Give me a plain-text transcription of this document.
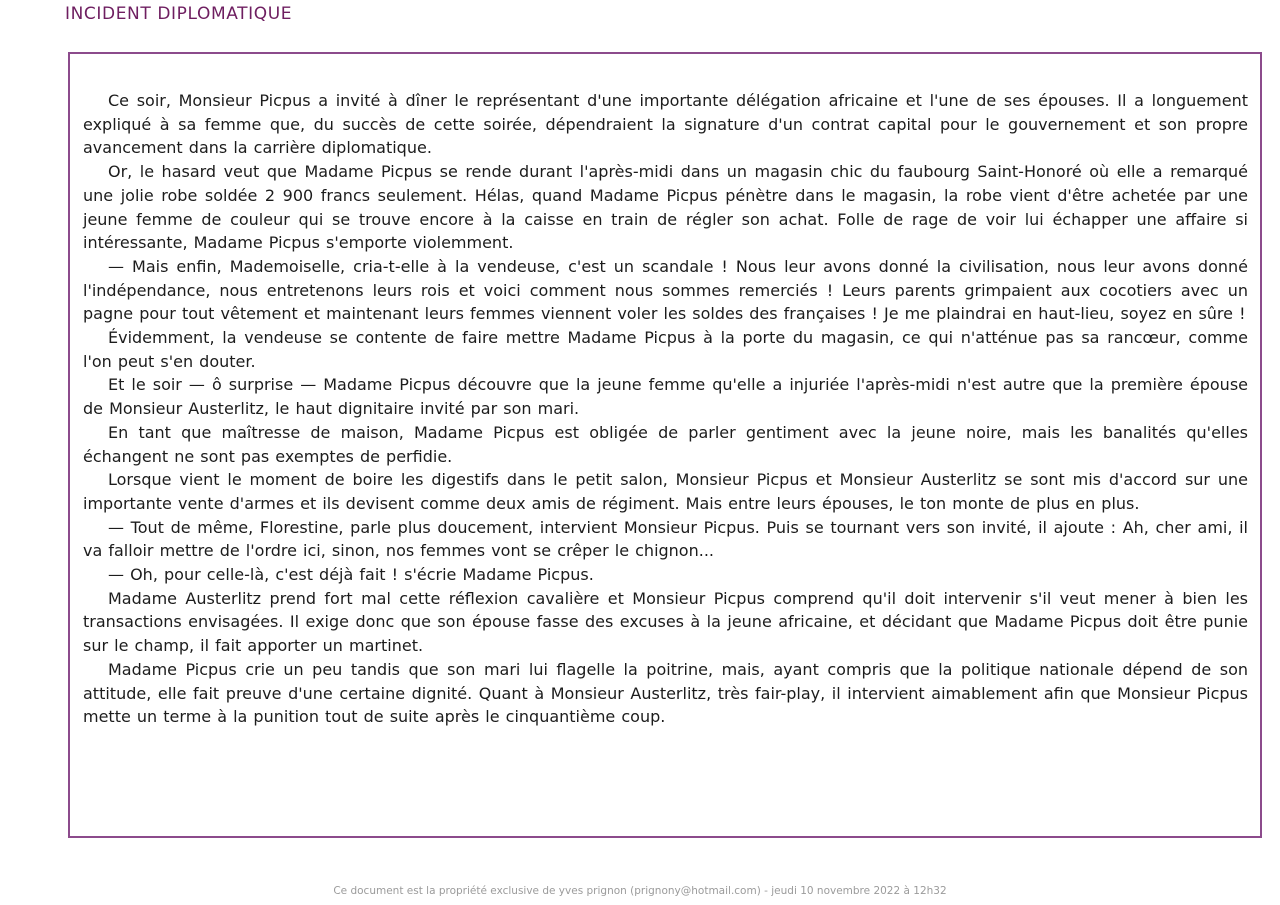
INCIDENT DIPLOMATIQUE

Ce soir, Monsieur Picpus a invité à dîner le représentant d'une importante délégation africaine et l'une de ses épouses. Il a longuement expliqué à sa femme que, du succès de cette soirée, dépendraient la signature d'un contrat capital pour le gouvernement et son propre avancement dans la carrière diplomatique.

Or, le hasard veut que Madame Picpus se rende durant l'après-midi dans un magasin chic du faubourg Saint-Honoré où elle a remarqué une jolie robe soldée 2 900 francs seulement. Hélas, quand Madame Picpus pénètre dans le magasin, la robe vient d'être achetée par une jeune femme de couleur qui se trouve encore à la caisse en train de régler son achat. Folle de rage de voir lui échapper une affaire si intéressante, Madame Picpus s'emporte violemment.

— Mais enfin, Mademoiselle, cria-t-elle à la vendeuse, c'est un scandale ! Nous leur avons donné la civilisation, nous leur avons donné l'indépendance, nous entretenons leurs rois et voici comment nous sommes remerciés ! Leurs parents grimpaient aux cocotiers avec un pagne pour tout vêtement et maintenant leurs femmes viennent voler les soldes des françaises ! Je me plaindrai en haut-lieu, soyez en sûre !

Évidemment, la vendeuse se contente de faire mettre Madame Picpus à la porte du magasin, ce qui n'atténue pas sa rancœur, comme l'on peut s'en douter.

Et le soir — ô surprise — Madame Picpus découvre que la jeune femme qu'elle a injuriée l'après-midi n'est autre que la première épouse de Monsieur Austerlitz, le haut dignitaire invité par son mari.

En tant que maîtresse de maison, Madame Picpus est obligée de parler gentiment avec la jeune noire, mais les banalités qu'elles échangent ne sont pas exemptes de perfidie.

Lorsque vient le moment de boire les digestifs dans le petit salon, Monsieur Picpus et Monsieur Austerlitz se sont mis d'accord sur une importante vente d'armes et ils devisent comme deux amis de régiment. Mais entre leurs épouses, le ton monte de plus en plus.

— Tout de même, Florestine, parle plus doucement, intervient Monsieur Picpus. Puis se tournant vers son invité, il ajoute : Ah, cher ami, il va falloir mettre de l'ordre ici, sinon, nos femmes vont se crêper le chignon...

— Oh, pour celle-là, c'est déjà fait ! s'écrie Madame Picpus.

Madame Austerlitz prend fort mal cette réflexion cavalière et Monsieur Picpus comprend qu'il doit intervenir s'il veut mener à bien les transactions envisagées. Il exige donc que son épouse fasse des excuses à la jeune africaine, et décidant que Madame Picpus doit être punie sur le champ, il fait apporter un martinet.

Madame Picpus crie un peu tandis que son mari lui flagelle la poitrine, mais, ayant compris que la politique nationale dépend de son attitude, elle fait preuve d'une certaine dignité. Quant à Monsieur Austerlitz, très fair-play, il intervient aimablement afin que Monsieur Picpus mette un terme à la punition tout de suite après le cinquantième coup.

Ce document est la propriété exclusive de yves prignon (prignony@hotmail.com) - jeudi 10 novembre 2022 à 12h32
